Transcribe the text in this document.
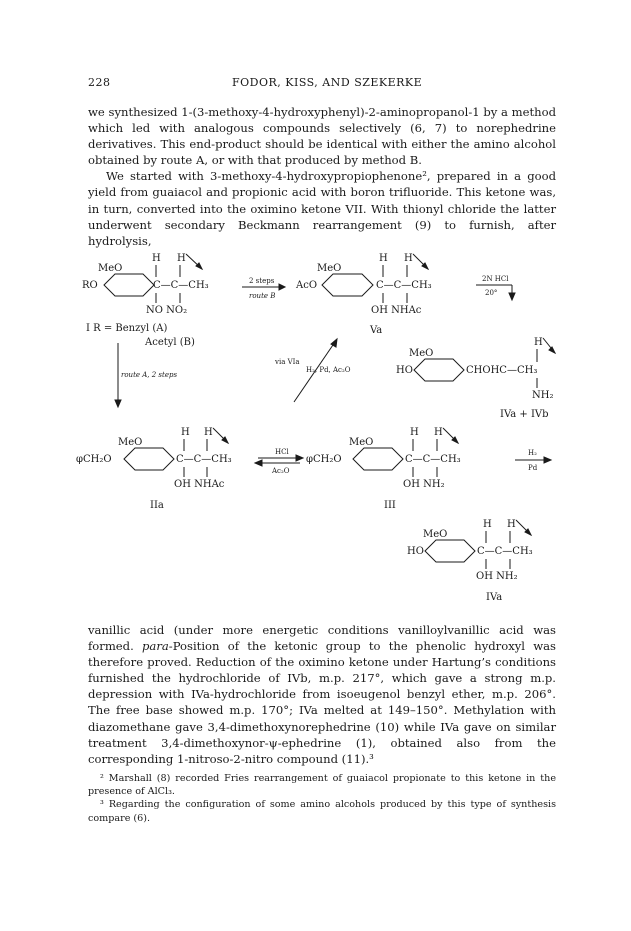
228	FODOR, KISS, AND SZEKERKE

we synthesized 1-(3-methoxy-4-hydroxyphenyl)-2-aminopropanol-1 by a method which led with analogous compounds selectively (6, 7) to norephedrine derivatives. This end-product should be identical with either the amino alcohol obtained by route A, or with that produced by method B.

We started with 3-methoxy-4-hydroxypropiophenone², prepared in a good yield from guaiacol and propionic acid with boron trifluoride. This ketone was, in turn, converted into the oximino ketone VII. With thionyl chloride the latter underwent secondary Beckmann rearrangement (9) to furnish, after hydrolysis,

MeO
H H
RO	C—C—CH₃
NO NO₂
I R = Benzyl (A)
Acetyl (B)
2 steps
route B
MeO
H H
AcO	C—C—CH₃
OH NHAc
Va
2N HCl
20°
route A, 2 steps
via VIa
H₂, Pd, Ac₂O
MeO
H
HO	CHOHC—CH₃
NH₂
IVa + IVb
MeO
H H
φCH₂O	C—C—CH₃
OH NHAc
IIa
HCl
Ac₂O
MeO
H H
φCH₂O	C—C—CH₃
OH NH₂
III
H₂
Pd
MeO
H H
HO	C—C—CH₃
OH NH₂
IVa

vanillic acid (under more energetic conditions vanilloylvanillic acid was formed. para-Position of the ketonic group to the phenolic hydroxyl was therefore proved. Reduction of the oximino ketone under Hartung’s conditions furnished the hydrochloride of IVb, m.p. 217°, which gave a strong m.p. depression with IVa-hydrochloride from isoeugenol benzyl ether, m.p. 206°. The free base showed m.p. 170°; IVa melted at 149–150°. Methylation with diazomethane gave 3,4-dimethoxynorephedrine (10) while IVa gave on similar treatment 3,4-dimethoxynor-ψ-ephedrine (1), obtained also from the corresponding 1-nitroso-2-nitro compound (11).³

² Marshall (8) recorded Fries rearrangement of guaiacol propionate to this ketone in the presence of AlCl₃.

³ Regarding the configuration of some amino alcohols produced by this type of synthesis compare (6).
